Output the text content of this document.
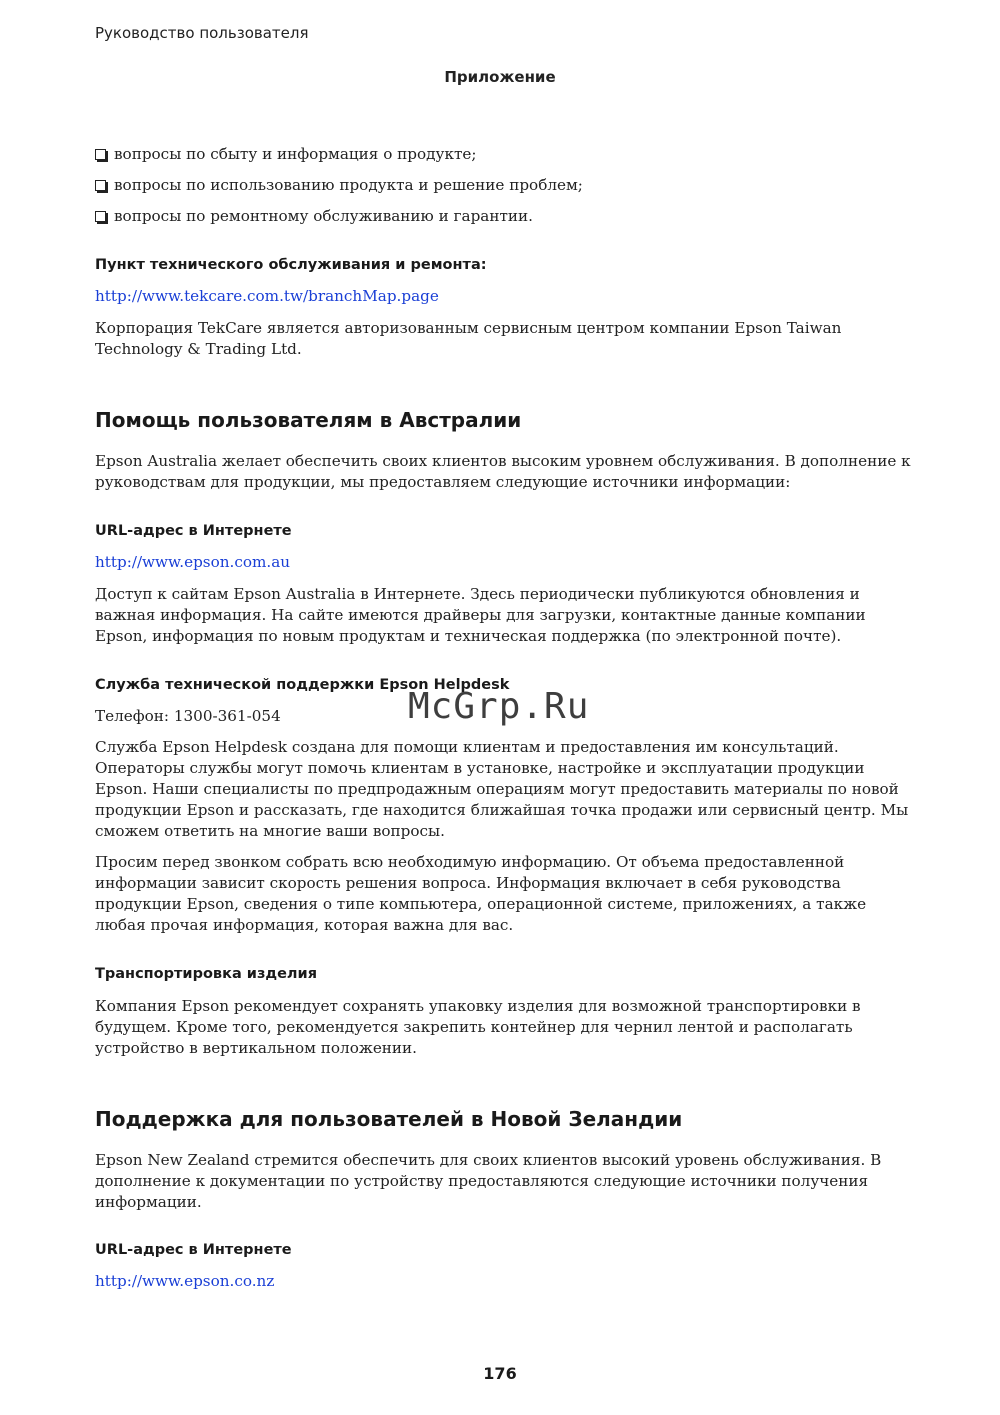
Руководство пользователя
Приложение
вопросы по сбыту и информация о продукте;
вопросы по использованию продукта и решение проблем;
вопросы по ремонтному обслуживанию и гарантии.
Пункт технического обслуживания и ремонта:
http://www.tekcare.com.tw/branchMap.page
Корпорация TekCare является авторизованным сервисным центром компании Epson Taiwan Technology & Trading Ltd.
Помощь пользователям в Австралии
Epson Australia желает обеспечить своих клиентов высоким уровнем обслуживания. В дополнение к руководствам для продукции, мы предоставляем следующие источники информации:
URL-адрес в Интернете
http://www.epson.com.au
Доступ к сайтам Epson Australia в Интернете. Здесь периодически публикуются обновления и важная информация. На сайте имеются драйверы для загрузки, контактные данные компании Epson, информация по новым продуктам и техническая поддержка (по электронной почте).
Служба технической поддержки Epson Helpdesk
Телефон: 1300-361-054
Служба Epson Helpdesk создана для помощи клиентам и предоставления им консультаций. Операторы службы могут помочь клиентам в установке, настройке и эксплуатации продукции Epson. Наши специалисты по предпродажным операциям могут предоставить материалы по новой продукции Epson и рассказать, где находится ближайшая точка продажи или сервисный центр. Мы сможем ответить на многие ваши вопросы.
Просим перед звонком собрать всю необходимую информацию. От объема предоставленной информации зависит скорость решения вопроса. Информация включает в себя руководства продукции Epson, сведения о типе компьютера, операционной системе, приложениях, а также любая прочая информация, которая важна для вас.
Транспортировка изделия
Компания Epson рекомендует сохранять упаковку изделия для возможной транспортировки в будущем. Кроме того, рекомендуется закрепить контейнер для чернил лентой и располагать устройство в вертикальном положении.
Поддержка для пользователей в Новой Зеландии
Epson New Zealand стремится обеспечить для своих клиентов высокий уровень обслуживания. В дополнение к документации по устройству предоставляются следующие источники получения информации.
URL-адрес в Интернете
http://www.epson.co.nz
McGrp.Ru
176
